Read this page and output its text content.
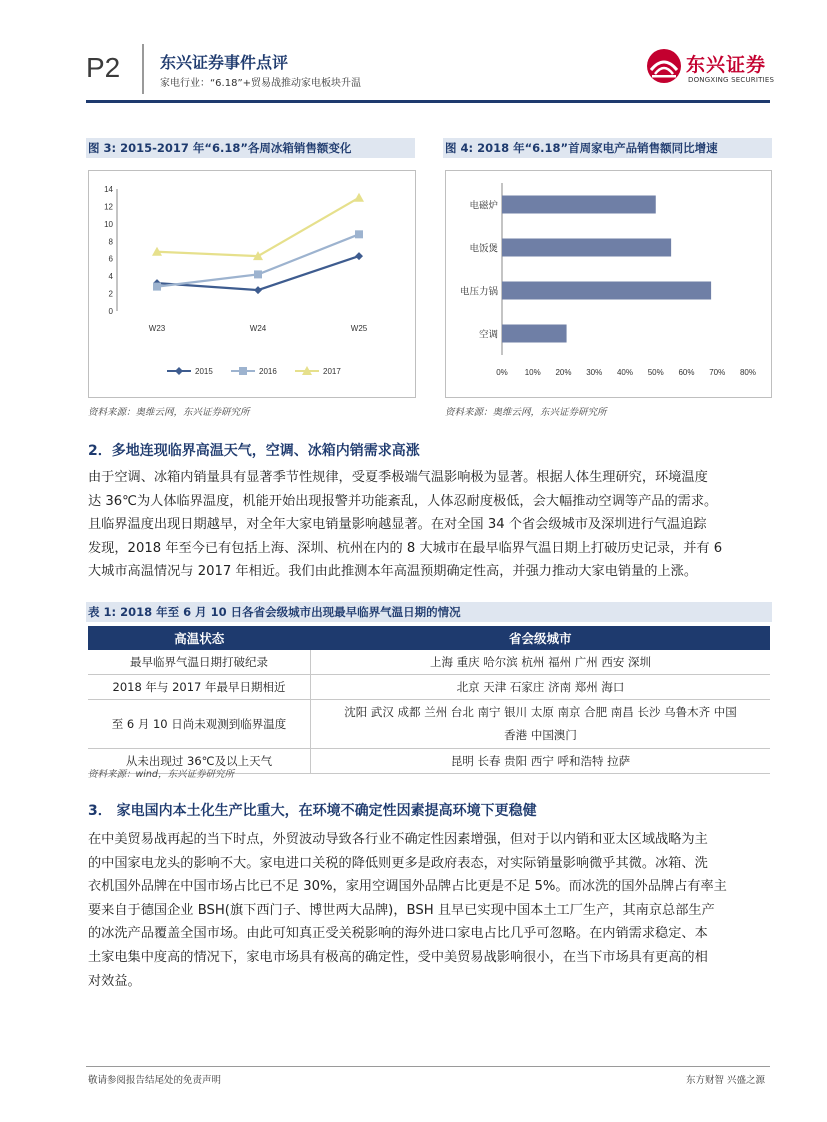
P2 东兴证券事件点评
家电行业：“6.18”+贸易战推动家电板块升温
东兴证券
DONGXING SECURITIES
图 3: 2015-2017 年“6.18”各周冰箱销售额变化
0
2
4
6
8
10
12
14
W23	W24	W25
2015	2016	2017
资料来源：奥维云网，东兴证券研究所
图 4: 2018 年“6.18”首周家电产品销售额同比增速
0% 10% 20% 30% 40% 50% 60% 70% 80%
电磁炉
电饭煲
电压力锅
空调
资料来源：奥维云网，东兴证券研究所
2．多地连现临界高温天气，空调、冰箱内销需求高涨
由于空调、冰箱内销量具有显著季节性规律，受夏季极端气温影响极为显著。根据人体生理研究，环境温度
达 36℃为人体临界温度，机能开始出现报警并功能紊乱，人体忍耐度极低，会大幅推动空调等产品的需求。
且临界温度出现日期越早，对全年大家电销量影响越显著。在对全国 34 个省会级城市及深圳进行气温追踪
发现，2018 年至今已有包括上海、深圳、杭州在内的 8 大城市在最早临界气温日期上打破历史记录，并有 6
大城市高温情况与 2017 年相近。我们由此推测本年高温预期确定性高，并强力推动大家电销量的上涨。
表 1: 2018 年至 6 月 10 日各省会级城市出现最早临界气温日期的情况
高温状态	省会级城市
最早临界气温日期打破纪录	上海 重庆 哈尔滨 杭州 福州 广州 西安 深圳
2018 年与 2017 年最早日期相近	北京 天津 石家庄 济南 郑州 海口
至 6 月 10 日尚未观测到临界温度	沈阳 武汉 成都 兰州 台北 南宁 银川 太原 南京 合肥 南昌 长沙 乌鲁木齐 中国
香港 中国澳门

从未出现过 36℃及以上天气	昆明 长春 贵阳 西宁 呼和浩特 拉萨
资料来源：wind，东兴证券研究所
3． 家电国内本土化生产比重大，在环境不确定性因素提高环境下更稳健
在中美贸易战再起的当下时点，外贸波动导致各行业不确定性因素增强，但对于以内销和亚太区域战略为主
的中国家电龙头的影响不大。家电进口关税的降低则更多是政府表态，对实际销量影响微乎其微。冰箱、洗
衣机国外品牌在中国市场占比已不足 30%，家用空调国外品牌占比更是不足 5%。而冰洗的国外品牌占有率主
要来自于德国企业 BSH(旗下西门子、博世两大品牌)，BSH 且早已实现中国本土工厂生产，其南京总部生产
的冰洗产品覆盖全国市场。由此可知真正受关税影响的海外进口家电占比几乎可忽略。在内销需求稳定、本
土家电集中度高的情况下，家电市场具有极高的确定性，受中美贸易战影响很小，在当下市场具有更高的相
对效益。
敬请参阅报告结尾处的免责声明	东方财智 兴盛之源
